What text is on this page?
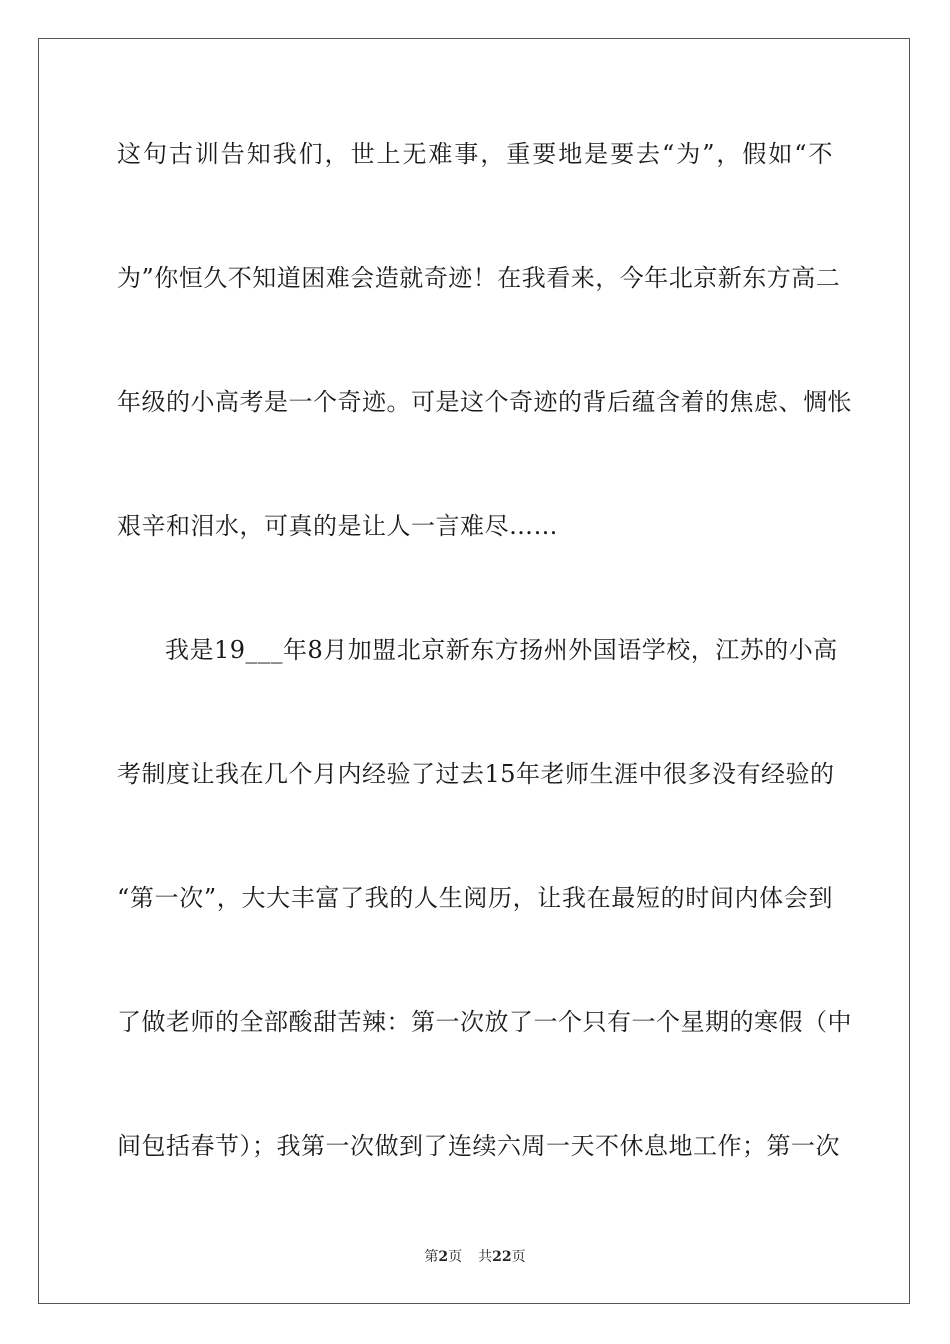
这句古训告知我们，世上无难事，重要地是要去“为”，假如“不
为”你恒久不知道困难会造就奇迹！在我看来，今年北京新东方高二
年级的小高考是一个奇迹。可是这个奇迹的背后蕴含着的焦虑、惆怅
艰辛和泪水，可真的是让人一言难尽……
我是19___年8月加盟北京新东方扬州外国语学校，江苏的小高
考制度让我在几个月内经验了过去15年老师生涯中很多没有经验的
“第一次”，大大丰富了我的人生阅历，让我在最短的时间内体会到
了做老师的全部酸甜苦辣：第一次放了一个只有一个星期的寒假（中
间包括春节）；我第一次做到了连续六周一天不休息地工作；第一次
第2页 共22页
